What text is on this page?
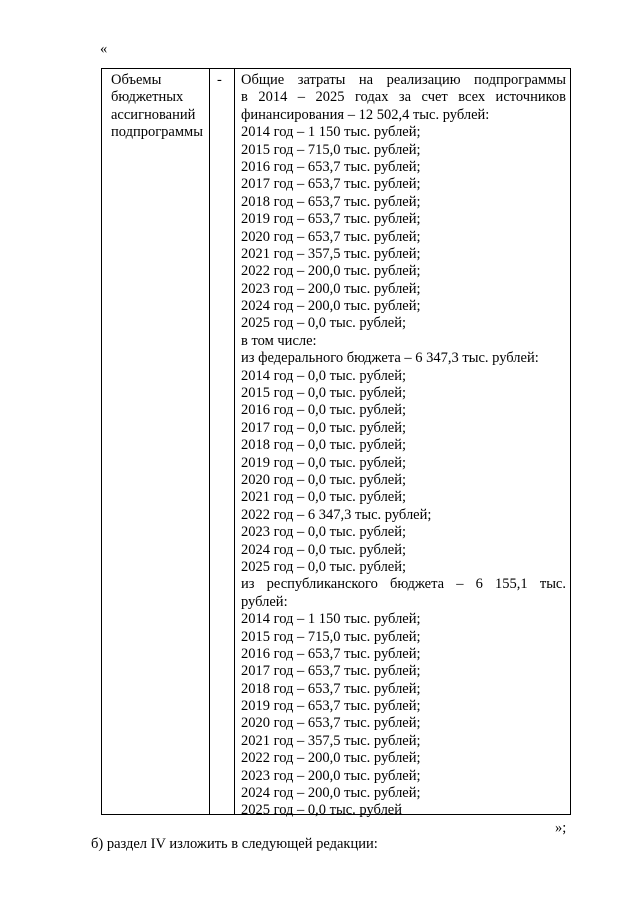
«
Объемы
бюджетных
ассигнований
подпрограммы
- Общие затраты на реализацию подпрограммы
в 2014 – 2025 годах за счет всех источников
финансирования – 12 502,4 тыс. рублей:
2014 год – 1 150 тыс. рублей;
2015 год – 715,0 тыс. рублей;
2016 год – 653,7 тыс. рублей;
2017 год – 653,7 тыс. рублей;
2018 год – 653,7 тыс. рублей;
2019 год – 653,7 тыс. рублей;
2020 год – 653,7 тыс. рублей;
2021 год – 357,5 тыс. рублей;
2022 год – 200,0 тыс. рублей;
2023 год – 200,0 тыс. рублей;
2024 год – 200,0 тыс. рублей;
2025 год – 0,0 тыс. рублей;
в том числе:
из федерального бюджета – 6 347,3 тыс. рублей:
2014 год – 0,0 тыс. рублей;
2015 год – 0,0 тыс. рублей;
2016 год – 0,0 тыс. рублей;
2017 год – 0,0 тыс. рублей;
2018 год – 0,0 тыс. рублей;
2019 год – 0,0 тыс. рублей;
2020 год – 0,0 тыс. рублей;
2021 год – 0,0 тыс. рублей;
2022 год – 6 347,3 тыс. рублей;
2023 год – 0,0 тыс. рублей;
2024 год – 0,0 тыс. рублей;
2025 год – 0,0 тыс. рублей;
из республиканского бюджета – 6 155,1 тыс.
рублей:
2014 год – 1 150 тыс. рублей;
2015 год – 715,0 тыс. рублей;
2016 год – 653,7 тыс. рублей;
2017 год – 653,7 тыс. рублей;
2018 год – 653,7 тыс. рублей;
2019 год – 653,7 тыс. рублей;
2020 год – 653,7 тыс. рублей;
2021 год – 357,5 тыс. рублей;
2022 год – 200,0 тыс. рублей;
2023 год – 200,0 тыс. рублей;
2024 год – 200,0 тыс. рублей;
2025 год – 0,0 тыс. рублей
»;
б) раздел IV изложить в следующей редакции:
